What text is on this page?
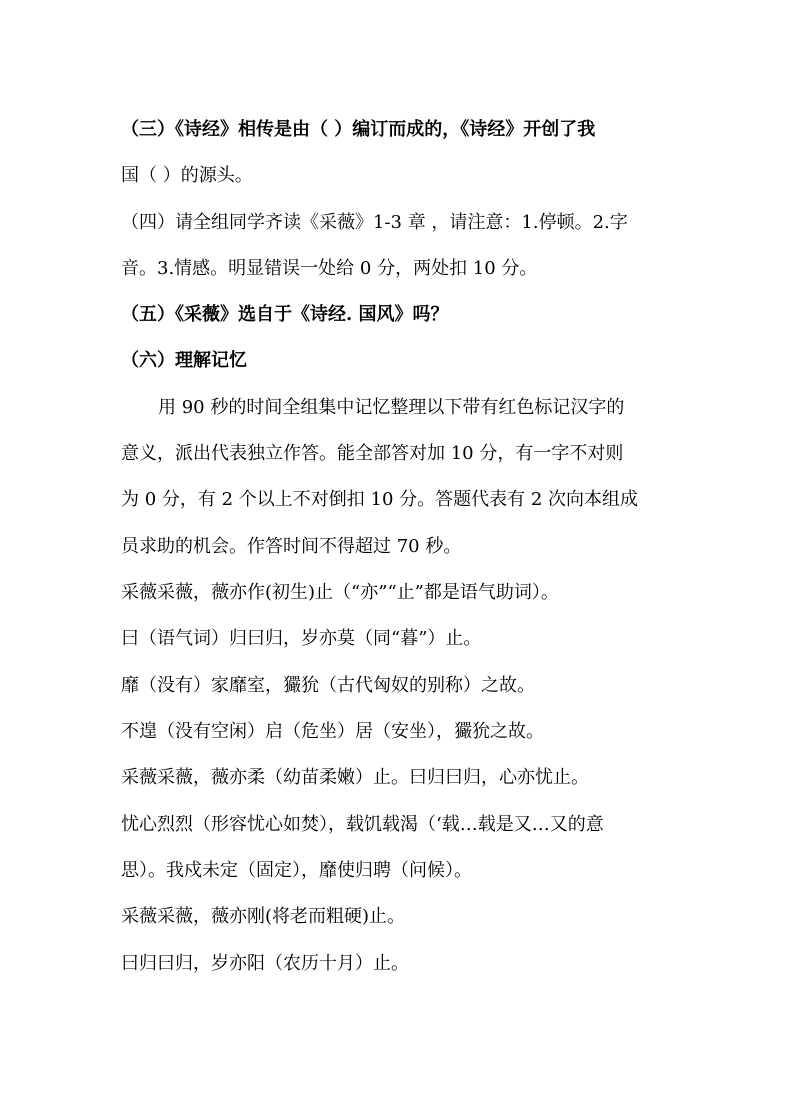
（三）《诗经》相传是由（ ）编订而成的，《诗经》开创了我
国（ ）的源头。
（四）请全组同学齐读《采薇》1-3 章 ，请注意：1.停顿。2.字
音。3.情感。明显错误一处给 0 分，两处扣 10 分。
（五）《采薇》选自于《诗经. 国风》吗？
（六）理解记忆
用 90 秒的时间全组集中记忆整理以下带有红色标记汉字的
意义，派出代表独立作答。能全部答对加 10 分，有一字不对则
为 0 分，有 2 个以上不对倒扣 10 分。答题代表有 2 次向本组成
员求助的机会。作答时间不得超过 70 秒。
采薇采薇，薇亦作(初生)止（“亦”“止”都是语气助词）。
曰（语气词）归曰归，岁亦莫（同“暮”）止。
靡（没有）家靡室，玁狁（古代匈奴的别称）之故。
不遑（没有空闲）启（危坐）居（安坐），玁狁之故。
采薇采薇，薇亦柔（幼苗柔嫩）止。曰归曰归，心亦忧止。
忧心烈烈（形容忧心如焚），载饥载渴（‘载…载是又…又的意
思）。我戍未定（固定），靡使归聘（问候）。
采薇采薇，薇亦刚(将老而粗硬)止。
曰归曰归，岁亦阳（农历十月）止。
